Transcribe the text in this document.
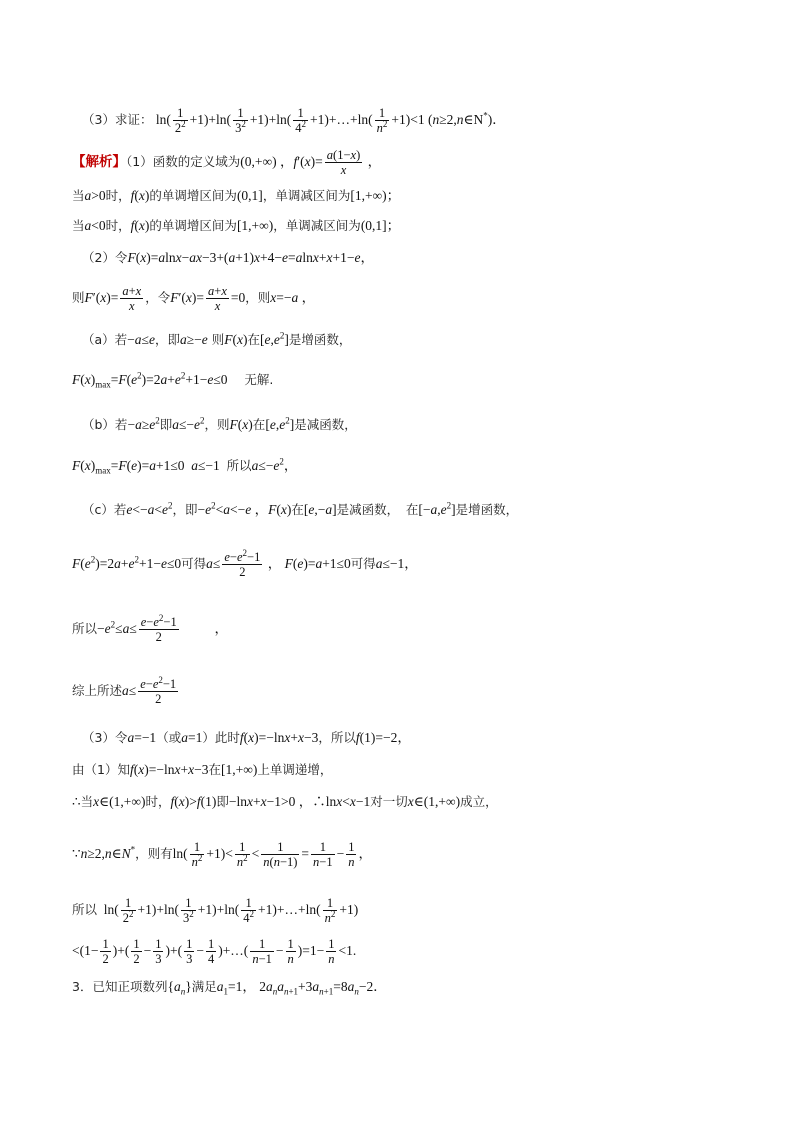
（3）求证： $\ln( \frac{1}{2^2} +1)+\ln( \frac{1}{3^2} +1)+\ln( \frac{1}{4^2}$ +1)+…+ln( $\frac{1}{n^2} +1)<1$ (n≥2,n∈N*)．
【解析】（1）函数的定义域为(0,+∞) ，$f'(x)= \frac{a(1-x)}{x}$ ，
当a>0时，f(x)的单调增区间为(0,1]，单调减区间为[1,+∞)；
当a<0时，f(x)的单调增区间为[1,+∞)，单调减区间为(0,1]；
（2）令F(x)=alnx−ax−3+(a+1)x+4−e=alnx+x+1−e，
则$F'(x)= \frac{a+x}{x}$ ，令$F'(x)= \frac{a+x}{x} =0$，则x=−a ，
（a）若−a≤e，即a≥−e 则F(x)在$[e,e^2]$是增函数，
$F(x)_{max}=F(e^2)=2a+e^2+1-e\le 0$     无解.
（b）若$-a\ge e^2$即$a\le-e^2$，则F(x)在$[e,e^2]$是减函数，
$F(x)_{max}=F(e)=a+1\le 0$  a≤−1  所以$a\le-e^2$，
（c）若$e<-a<e^2$，即$-e^2<a<-e$ ，F(x)在[e,−a]是减函数， 在$[-a,e^2]$是增函数，
$F(e^2)=2a+e^2+1-e\le 0$可得$a\le \frac{e-e^2-1}{2}$ ， F(e)=a+1≤0可得a≤−1，
所以$-e^2\le a\le \frac{e-e^2-1}{2}$ ，
综上所述$a\le \frac{e-e^2-1}{2}$
（3）令a=−1（或a=1）此时f(x)=−lnx+x−3，所以f(1)=−2，
由（1）知f(x)=−lnx+x−3在[1,+∞)上单调递增，
∴当x∈(1,+∞)时，f(x)>f(1)即−lnx+x−1>0 ，∴lnx<x−1对一切x∈(1,+∞)成立，
∵n≥2,n∈N*，则有$\ln( \frac{1}{n^2} +1)< \frac{1}{n^2} < \frac{1}{n(n-1)} = \frac{1}{n-1} - \frac{1}{n}$ ，
所以  $\ln( \frac{1}{2^2} +1)+\ln( \frac{1}{3^2} +1)+\ln( \frac{1}{4^2}$ +1)+…+ln( $\frac{1}{n^2} +1$)
$<(1- \frac{1}{2}$ )+( $\frac{1}{2} - \frac{1}{3}$ )+( $\frac{1}{3} - \frac{1}{4}$ )+…( $\frac{1}{n-1} - \frac{1}{n} )=1- \frac{1}{n} <1$.
3．已知正项数列$\{a_n\}$满足$a_1=1$， $2a_na_{n+1}+3a_{n+1}=8a_n-2$．
